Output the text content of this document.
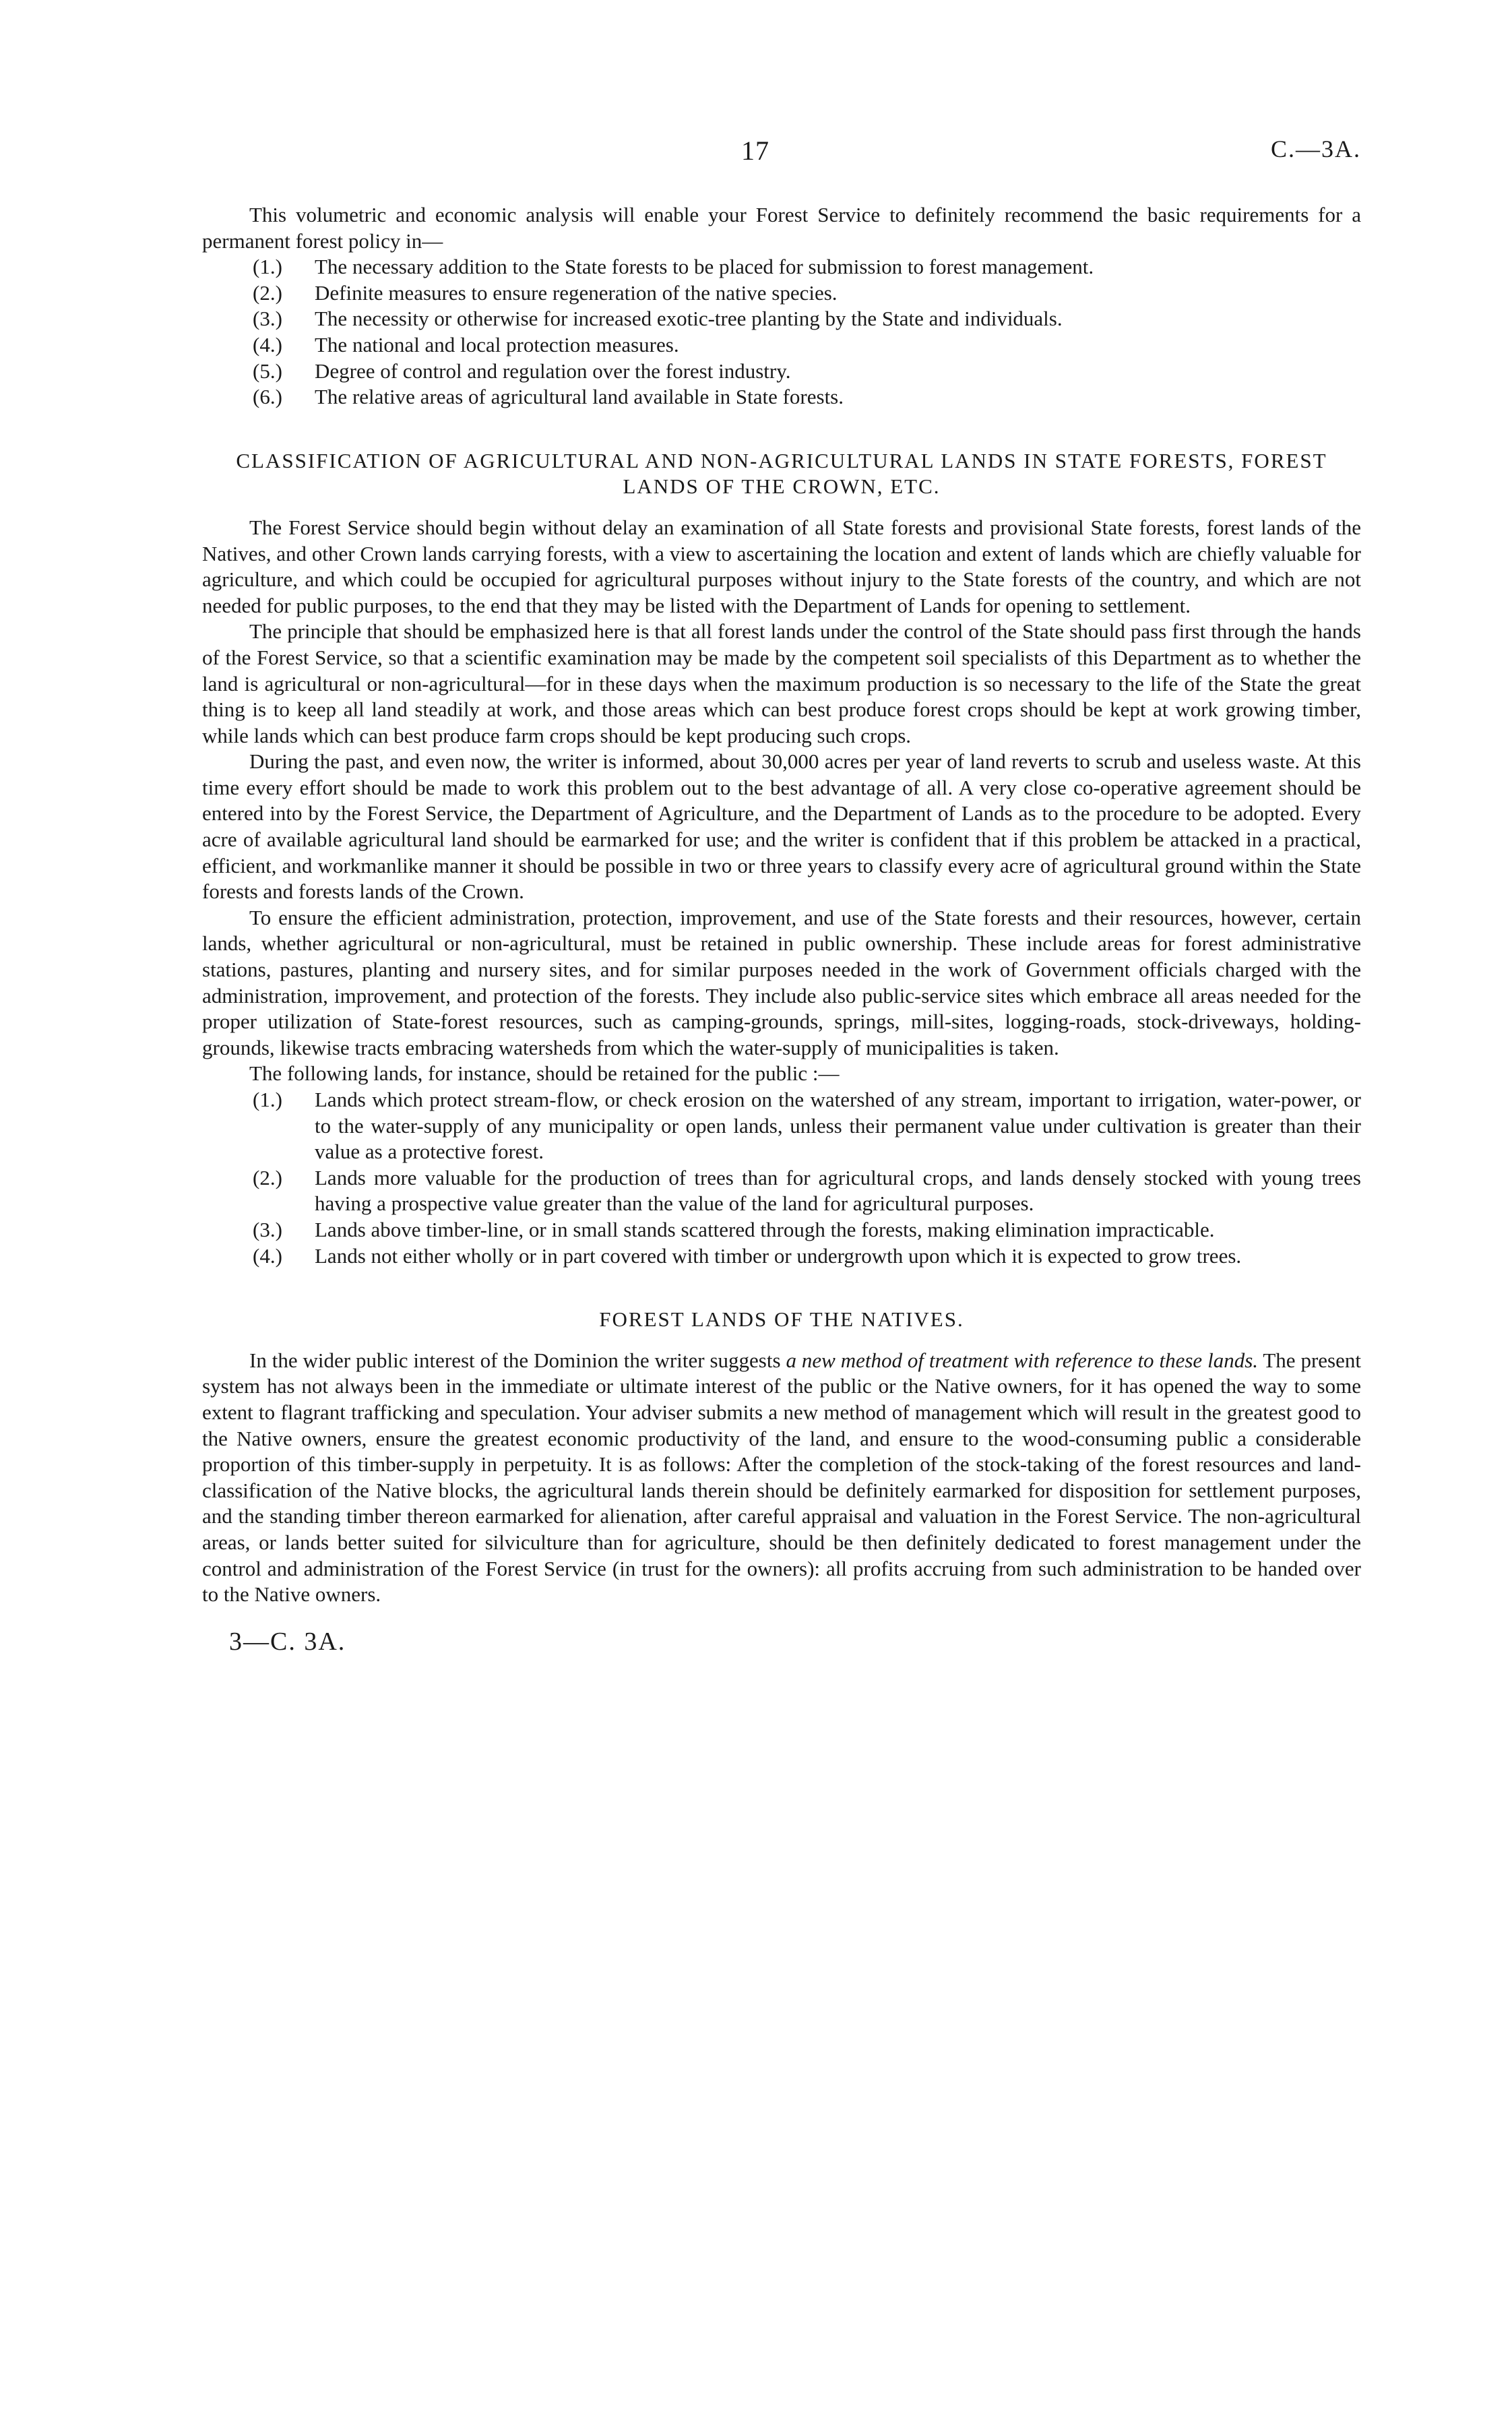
17	C.—3A.

This volumetric and economic analysis will enable your Forest Service to definitely recommend the basic requirements for a permanent forest policy in—

(1.) The necessary addition to the State forests to be placed for submission to forest management.
(2.) Definite measures to ensure regeneration of the native species.
(3.) The necessity or otherwise for increased exotic-tree planting by the State and individuals.
(4.) The national and local protection measures.
(5.) Degree of control and regulation over the forest industry.
(6.) The relative areas of agricultural land available in State forests.
CLASSIFICATION OF AGRICULTURAL AND NON-AGRICULTURAL LANDS IN STATE FORESTS, FOREST LANDS OF THE CROWN, ETC.

The Forest Service should begin without delay an examination of all State forests and provisional State forests, forest lands of the Natives, and other Crown lands carrying forests, with a view to ascertaining the location and extent of lands which are chiefly valuable for agriculture, and which could be occupied for agricultural purposes without injury to the State forests of the country, and which are not needed for public purposes, to the end that they may be listed with the Department of Lands for opening to settlement.

The principle that should be emphasized here is that all forest lands under the control of the State should pass first through the hands of the Forest Service, so that a scientific examination may be made by the competent soil specialists of this Department as to whether the land is agricultural or non-agricultural—for in these days when the maximum production is so necessary to the life of the State the great thing is to keep all land steadily at work, and those areas which can best produce forest crops should be kept at work growing timber, while lands which can best produce farm crops should be kept producing such crops.

During the past, and even now, the writer is informed, about 30,000 acres per year of land reverts to scrub and useless waste. At this time every effort should be made to work this problem out to the best advantage of all. A very close co-operative agreement should be entered into by the Forest Service, the Department of Agriculture, and the Department of Lands as to the procedure to be adopted. Every acre of available agricultural land should be earmarked for use; and the writer is confident that if this problem be attacked in a practical, efficient, and workmanlike manner it should be possible in two or three years to classify every acre of agricultural ground within the State forests and forests lands of the Crown.

To ensure the efficient administration, protection, improvement, and use of the State forests and their resources, however, certain lands, whether agricultural or non-agricultural, must be retained in public ownership. These include areas for forest administrative stations, pastures, planting and nursery sites, and for similar purposes needed in the work of Government officials charged with the administration, improvement, and protection of the forests. They include also public-service sites which embrace all areas needed for the proper utilization of State-forest resources, such as camping-grounds, springs, mill-sites, logging-roads, stock-driveways, holding-grounds, likewise tracts embracing watersheds from which the water-supply of municipalities is taken.

The following lands, for instance, should be retained for the public :—

(1.) Lands which protect stream-flow, or check erosion on the watershed of any stream, important to irrigation, water-power, or to the water-supply of any municipality or open lands, unless their permanent value under cultivation is greater than their value as a protective forest.
(2.) Lands more valuable for the production of trees than for agricultural crops, and lands densely stocked with young trees having a prospective value greater than the value of the land for agricultural purposes.
(3.) Lands above timber-line, or in small stands scattered through the forests, making elimination impracticable.
(4.) Lands not either wholly or in part covered with timber or undergrowth upon which it is expected to grow trees.
FOREST LANDS OF THE NATIVES.

In the wider public interest of the Dominion the writer suggests a new method of treatment with reference to these lands. The present system has not always been in the immediate or ultimate interest of the public or the Native owners, for it has opened the way to some extent to flagrant trafficking and speculation. Your adviser submits a new method of management which will result in the greatest good to the Native owners, ensure the greatest economic productivity of the land, and ensure to the wood-consuming public a considerable proportion of this timber-supply in perpetuity. It is as follows: After the completion of the stock-taking of the forest resources and land-classification of the Native blocks, the agricultural lands therein should be definitely earmarked for disposition for settlement purposes, and the standing timber thereon earmarked for alienation, after careful appraisal and valuation in the Forest Service. The non-agricultural areas, or lands better suited for silviculture than for agriculture, should be then definitely dedicated to forest management under the control and administration of the Forest Service (in trust for the owners): all profits accruing from such administration to be handed over to the Native owners.

3—C. 3A.
